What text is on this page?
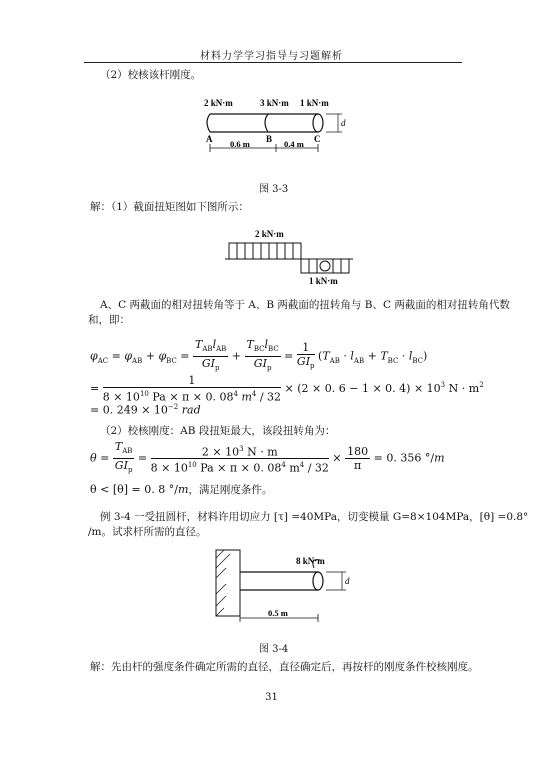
材料力学学习指导与习题解析
（2）校核该杆刚度。
2 kN·m	3 kN·m 1 kN·m
d
A	B	C
0.6 m	0.4 m
图 3-3
解：（1）截面扭矩图如下图所示：
2 kN·m
1 kN·m
A、C 两截面的相对扭转角等于 A、B 两截面的扭转角与 B、C 两截面的相对扭转角代数
和，即：
$\varphi_{AC} = \varphi_{AB} + \varphi_{BC}$ =
$T_{AB}l_{AB}$
$GI_p$
+
$T_{BC}l_{BC}$
$GI_p$
=
1
$GI_p$
$(T_{AB} \cdot l_{AB} + T_{BC} \cdot l_{BC})$
= $\frac{1}{8 \times 10^{10} Pa \times \pi \times 0. 08^4 m^4 / 32} \times (2 \times 0$. 6 − 1 × 0. $4) \times 10^3$ $N \cdot m^2$
= 0. $249 \times 10^{-2}$ rad
（2）校核刚度：AB 段扭矩最大，该段扭转角为：
θ =
$T_{AB}$
$GI_p$
= $\frac{2 \times 10^3 N \cdot m}{8 \times 10^{10} Pa \times \pi \times 0. 08^4 m^4 / 32} \times \frac{180}{\pi} = 0$. 356 °/m
θ < [θ] = 0. 8 °/m，满足刚度条件。
例 3-4 一受扭圆杆，材料许用切应力 [τ] =40MPa，切变模量 G=8×104MPa，[θ] =0.8°
/m。试求杆所需的直径。
8 kN·m
d
0.5 m
图 3-4
解：先由杆的强度条件确定所需的直径，直径确定后，再按杆的刚度条件校核刚度。
31
